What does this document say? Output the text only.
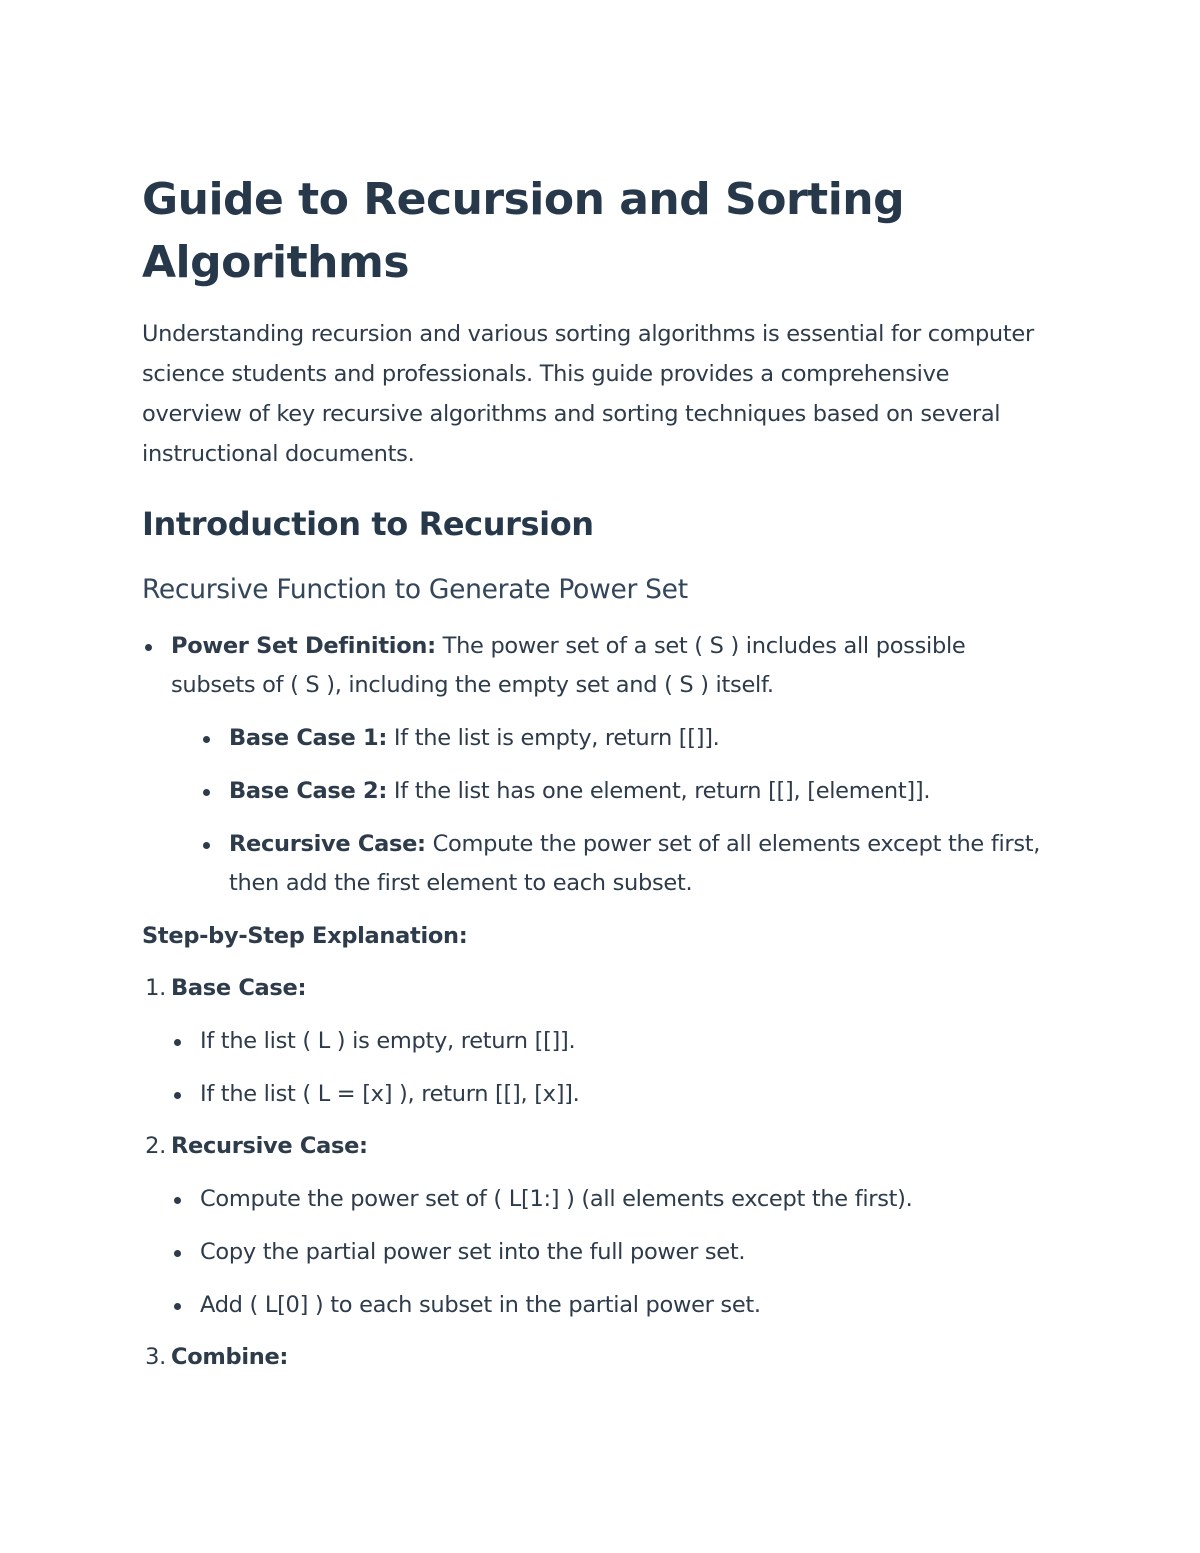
Guide to Recursion and Sorting Algorithms

Understanding recursion and various sorting algorithms is essential for computer science students and professionals. This guide provides a comprehensive overview of key recursive algorithms and sorting techniques based on several instructional documents.

Introduction to Recursion
Recursive Function to Generate Power Set
Power Set Definition: The power set of a set ( S ) includes all possible subsets of ( S ), including the empty set and ( S ) itself.
Base Case 1: If the list is empty, return [[]].
Base Case 2: If the list has one element, return [[], [element]].
Recursive Case: Compute the power set of all elements except the first, then add the first element to each subset.
Step-by-Step Explanation:
1. Base Case:
If the list ( L ) is empty, return [[]].
If the list ( L = [x] ), return [[], [x]].
2. Recursive Case:
Compute the power set of ( L[1:] ) (all elements except the first).
Copy the partial power set into the full power set.
Add ( L[0] ) to each subset in the partial power set.
3. Combine:
